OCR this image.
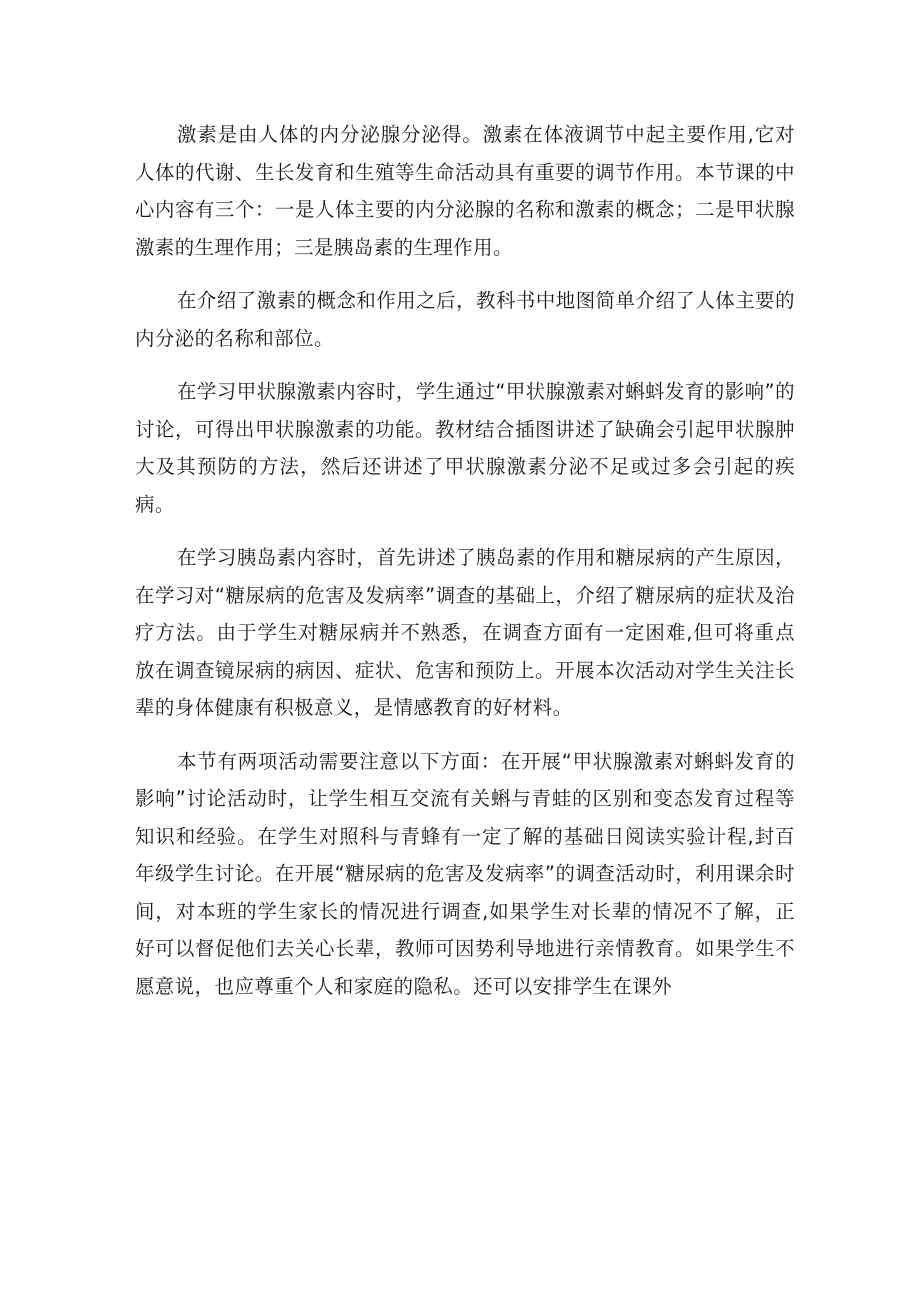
激素是由人体的内分泌腺分泌得。激素在体液调节中起主要作用,它对人体的代谢、生长发育和生殖等生命活动具有重要的调节作用。本节课的中心内容有三个：一是人体主要的内分泌腺的名称和激素的概念；二是甲状腺激素的生理作用；三是胰岛素的生理作用。

在介绍了激素的概念和作用之后，教科书中地图简单介绍了人体主要的内分泌的名称和部位。

在学习甲状腺激素内容时，学生通过“甲状腺激素对蝌蚪发育的影响”的讨论，可得出甲状腺激素的功能。教材结合插图讲述了缺确会引起甲状腺肿大及其预防的方法，然后还讲述了甲状腺激素分泌不足或过多会引起的疾病。

在学习胰岛素内容时，首先讲述了胰岛素的作用和糖尿病的产生原因，在学习对“糖尿病的危害及发病率”调查的基础上，介绍了糖尿病的症状及治疗方法。由于学生对糖尿病并不熟悉，在调查方面有一定困难,但可将重点放在调查镜尿病的病因、症状、危害和预防上。开展本次活动对学生关注长辈的身体健康有积极意义，是情感教育的好材料。

本节有两项活动需要注意以下方面：在开展“甲状腺激素对蝌蚪发育的影响”讨论活动时，让学生相互交流有关蝌与青蛙的区别和变态发育过程等知识和经验。在学生对照科与青蜂有一定了解的基础日阅读实验计程,封百年级学生讨论。在开展“糖尿病的危害及发病率”的调查活动时，利用课余时间，对本班的学生家长的情况进行调查,如果学生对长辈的情况不了解，正好可以督促他们去关心长辈，教师可因势利导地进行亲情教育。如果学生不愿意说，也应尊重个人和家庭的隐私。还可以安排学生在课外
